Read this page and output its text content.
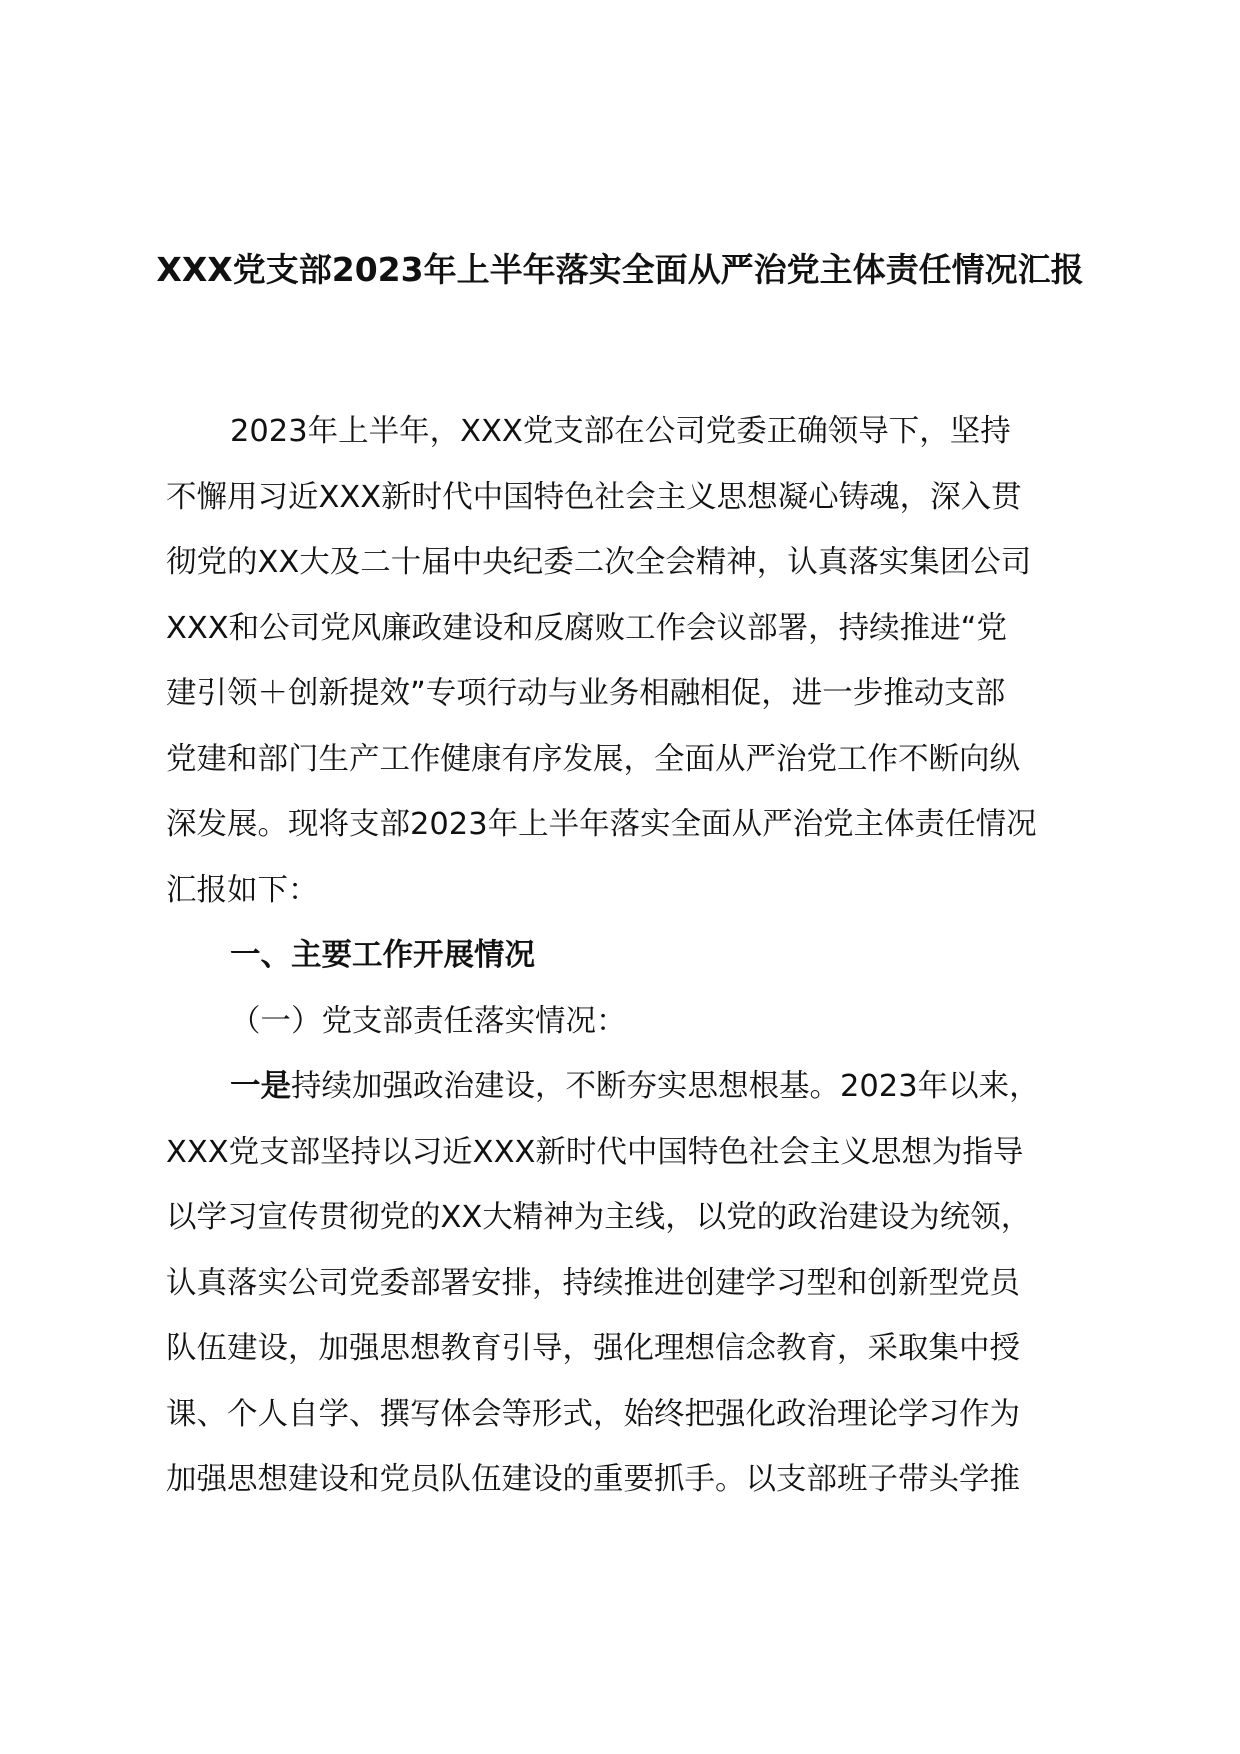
XXX党支部2023年上半年落实全面从严治党主体责任情况汇报
2023年上半年，XXX党支部在公司党委正确领导下，坚持
不懈用习近XXX新时代中国特色社会主义思想凝心铸魂，深入贯
彻党的XX大及二十届中央纪委二次全会精神，认真落实集团公司
XXX和公司党风廉政建设和反腐败工作会议部署，持续推进“党
建引领＋创新提效”专项行动与业务相融相促，进一步推动支部
党建和部门生产工作健康有序发展，全面从严治党工作不断向纵
深发展。现将支部2023年上半年落实全面从严治党主体责任情况
汇报如下：
一、主要工作开展情况
（一）党支部责任落实情况：
一是持续加强政治建设，不断夯实思想根基。2023年以来，
XXX党支部坚持以习近XXX新时代中国特色社会主义思想为指导
以学习宣传贯彻党的XX大精神为主线，以党的政治建设为统领，
认真落实公司党委部署安排，持续推进创建学习型和创新型党员
队伍建设，加强思想教育引导，强化理想信念教育，采取集中授
课、个人自学、撰写体会等形式，始终把强化政治理论学习作为
加强思想建设和党员队伍建设的重要抓手。以支部班子带头学推
